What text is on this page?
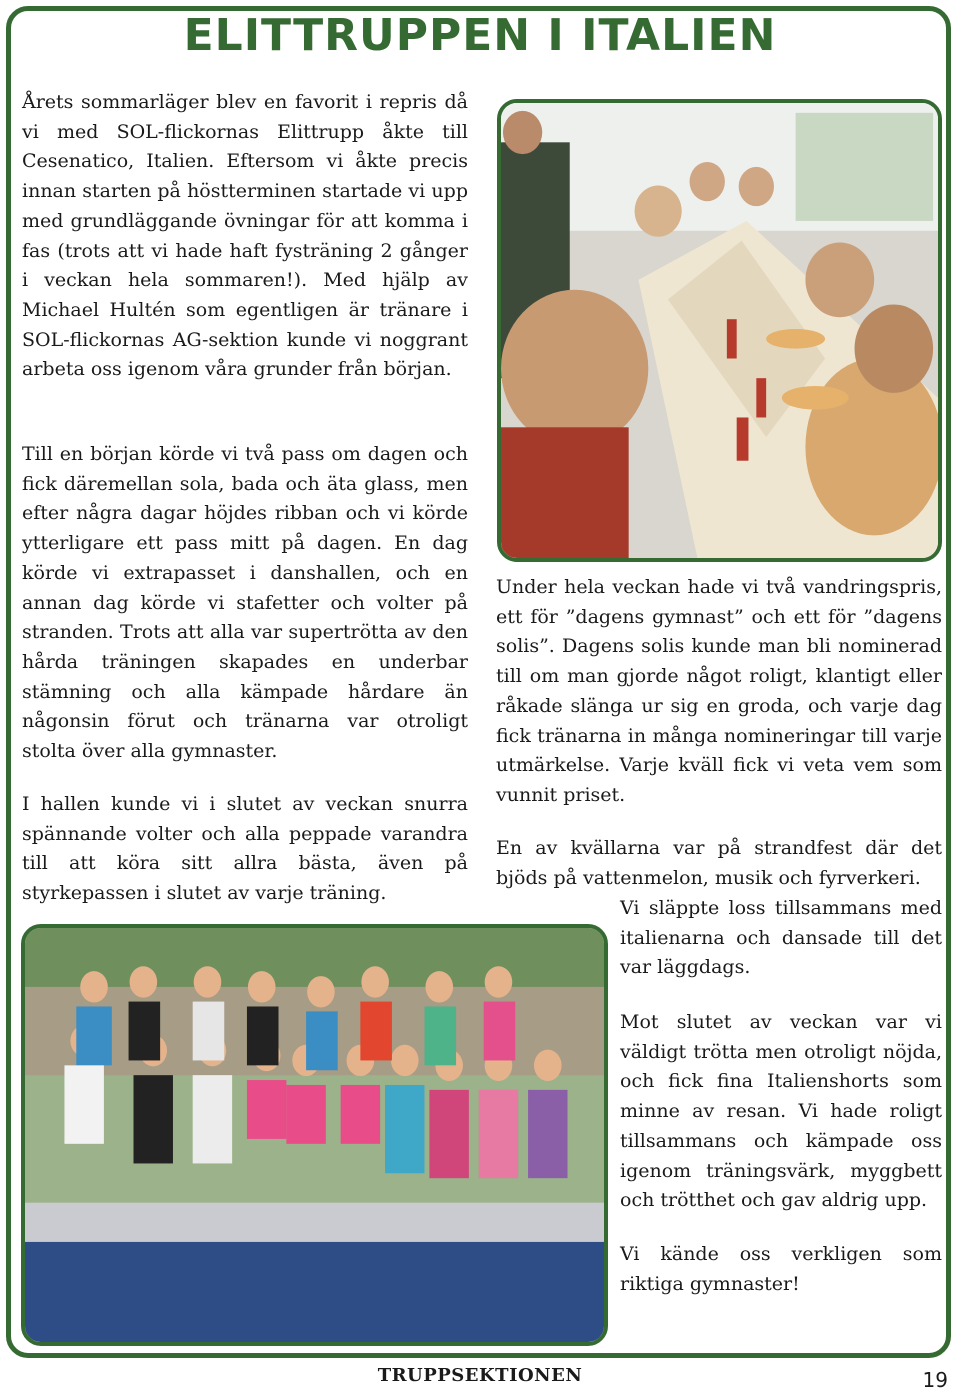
ELITTRUPPEN I ITALIEN

Årets sommarläger blev en favorit i repris då vi med SOL-flickornas Elittrupp åkte till Cesenatico, Italien. Eftersom vi åkte precis innan starten på höstterminen startade vi upp med grundläggande övningar för att komma i fas (trots att vi hade haft fysträning 2 gånger i veckan hela sommaren!). Med hjälp av Michael Hultén som egentligen är tränare i SOL-flickornas AG-sektion kunde vi noggrant arbeta oss igenom våra grunder från början.

Till en början körde vi två pass om dagen och fick däremellan sola, bada och äta glass, men efter några dagar höjdes ribban och vi körde ytterligare ett pass mitt på dagen. En dag körde vi extrapasset i danshallen, och en annan dag körde vi stafetter och volter på stranden. Trots att alla var supertrötta av den hårda träningen skapades en underbar stämning och alla kämpade hårdare än någonsin förut och tränarna var otroligt stolta över alla gymnaster.

I hallen kunde vi i slutet av veckan snurra spännande volter och alla peppade varandra till att köra sitt allra bästa, även på styrkepassen i slutet av varje träning.

Under hela veckan hade vi två vandringspris, ett för ”dagens gymnast” och ett för ”dagens solis”. Dagens solis kunde man bli nominerad till om man gjorde något roligt, klantigt eller råkade slänga ur sig en groda, och varje dag fick tränarna in många nomineringar till varje utmärkelse. Varje kväll fick vi veta vem som vunnit priset.

En av kvällarna var på strandfest där det bjöds på vattenmelon, musik och fyrverkeri.

Vi släppte loss tillsammans med italienarna och dansade till det var läggdags.

Mot slutet av veckan var vi väldigt trötta men otroligt nöjda, och fick fina Italienshorts som minne av resan. Vi hade roligt tillsammans och kämpade oss igenom träningsvärk, myggbett och trötthet och gav aldrig upp.

Vi kände oss verkligen som riktiga gymnaster!

TRUPPSEKTIONEN	19
